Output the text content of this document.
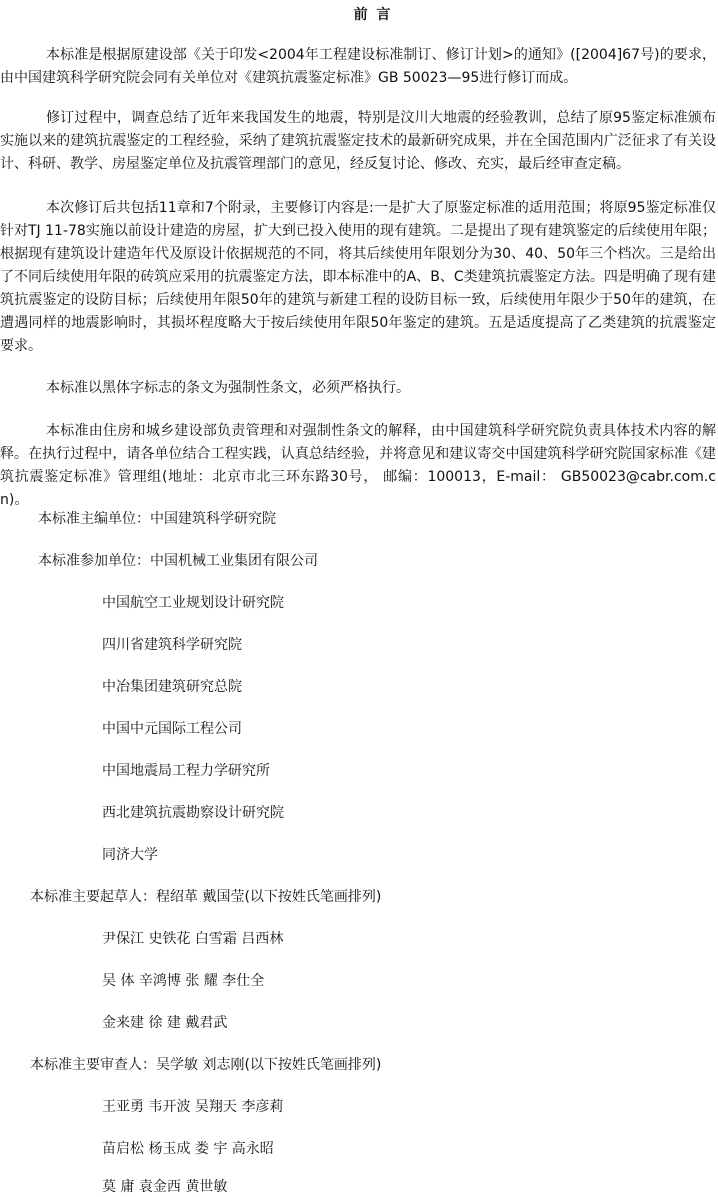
前 言
本标准是根据原建设部《关于印发<2004年工程建设标准制订、修订计划>的通知》([2004]67号)的要求，由中国建筑科学研究院会同有关单位对《建筑抗震鉴定标准》GB 50023—95进行修订而成。
修订过程中，调查总结了近年来我国发生的地震，特别是汶川大地震的经验教训，总结了原95鉴定标准颁布实施以来的建筑抗震鉴定的工程经验，采纳了建筑抗震鉴定技术的最新研究成果，并在全国范围内广泛征求了有关设计、科研、教学、房屋鉴定单位及抗震管理部门的意见，经反复讨论、修改、充实，最后经审查定稿。
本次修订后共包括11章和7个附录，主要修订内容是:一是扩大了原鉴定标准的适用范围；将原95鉴定标准仅针对TJ 11-78实施以前设计建造的房屋，扩大到已投入使用的现有建筑。二是提出了现有建筑鉴定的后续使用年限；根据现有建筑设计建造年代及原设计依据规范的不同，将其后续使用年限划分为30、40、50年三个档次。三是给出了不同后续使用年限的砖筑应采用的抗震鉴定方法，即本标准中的A、B、C类建筑抗震鉴定方法。四是明确了现有建筑抗震鉴定的设防目标；后续使用年限50年的建筑与新建工程的设防目标一致，后续使用年限少于50年的建筑，在遭遇同样的地震影响时，其损坏程度略大于按后续使用年限50年鉴定的建筑。五是适度提高了乙类建筑的抗震鉴定要求。
本标准以黑体字标志的条文为强制性条文，必须严格执行。
本标准由住房和城乡建设部负责管理和对强制性条文的解释，由中国建筑科学研究院负责具体技术内容的解释。在执行过程中，请各单位结合工程实践，认真总结经验，并将意见和建议寄交中国建筑科学研究院国家标准《建筑抗震鉴定标准》管理组(地址：北京市北三环东路30号， 邮编：100013，E-mail： GB50023@cabr.com.cn)。
本标准主编单位：中国建筑科学研究院
本标准参加单位：中国机械工业集团有限公司
中国航空工业规划设计研究院
四川省建筑科学研究院
中冶集团建筑研究总院
中国中元国际工程公司
中国地震局工程力学研究所
西北建筑抗震勘察设计研究院
同济大学
本标准主要起草人：程绍革 戴国莹(以下按姓氏笔画排列)
尹保江 史铁花 白雪霜 吕西林
吴 体 辛鸿博 张 耀 李仕全
金来建 徐 建 戴君武
本标准主要审查人：吴学敏 刘志刚(以下按姓氏笔画排列)
王亚勇 韦开波 吴翔天 李彦莉
苗启松 杨玉成 娄 宇 高永昭
莫 庸 袁金西 黄世敏
